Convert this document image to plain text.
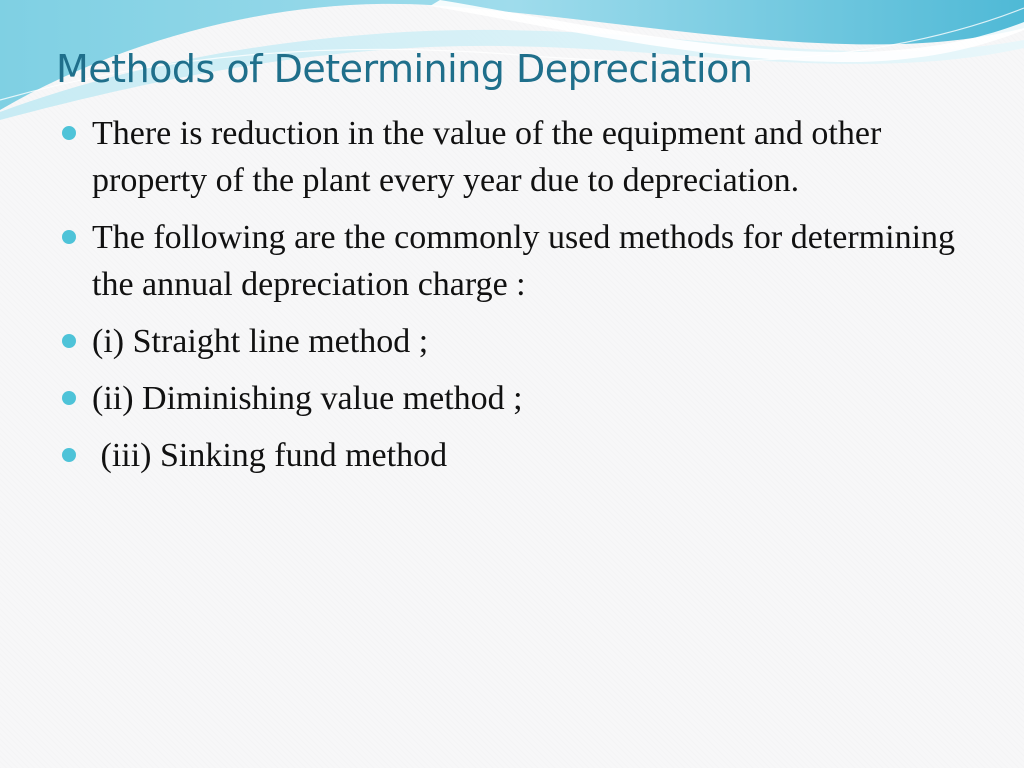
Methods of Determining Depreciation
There is reduction in the value of the equipment and other property of the plant every year due to depreciation.
The following are the commonly used methods for determining the annual depreciation charge :
(i) Straight line method ;
(ii) Diminishing value method ;
(iii) Sinking fund method
